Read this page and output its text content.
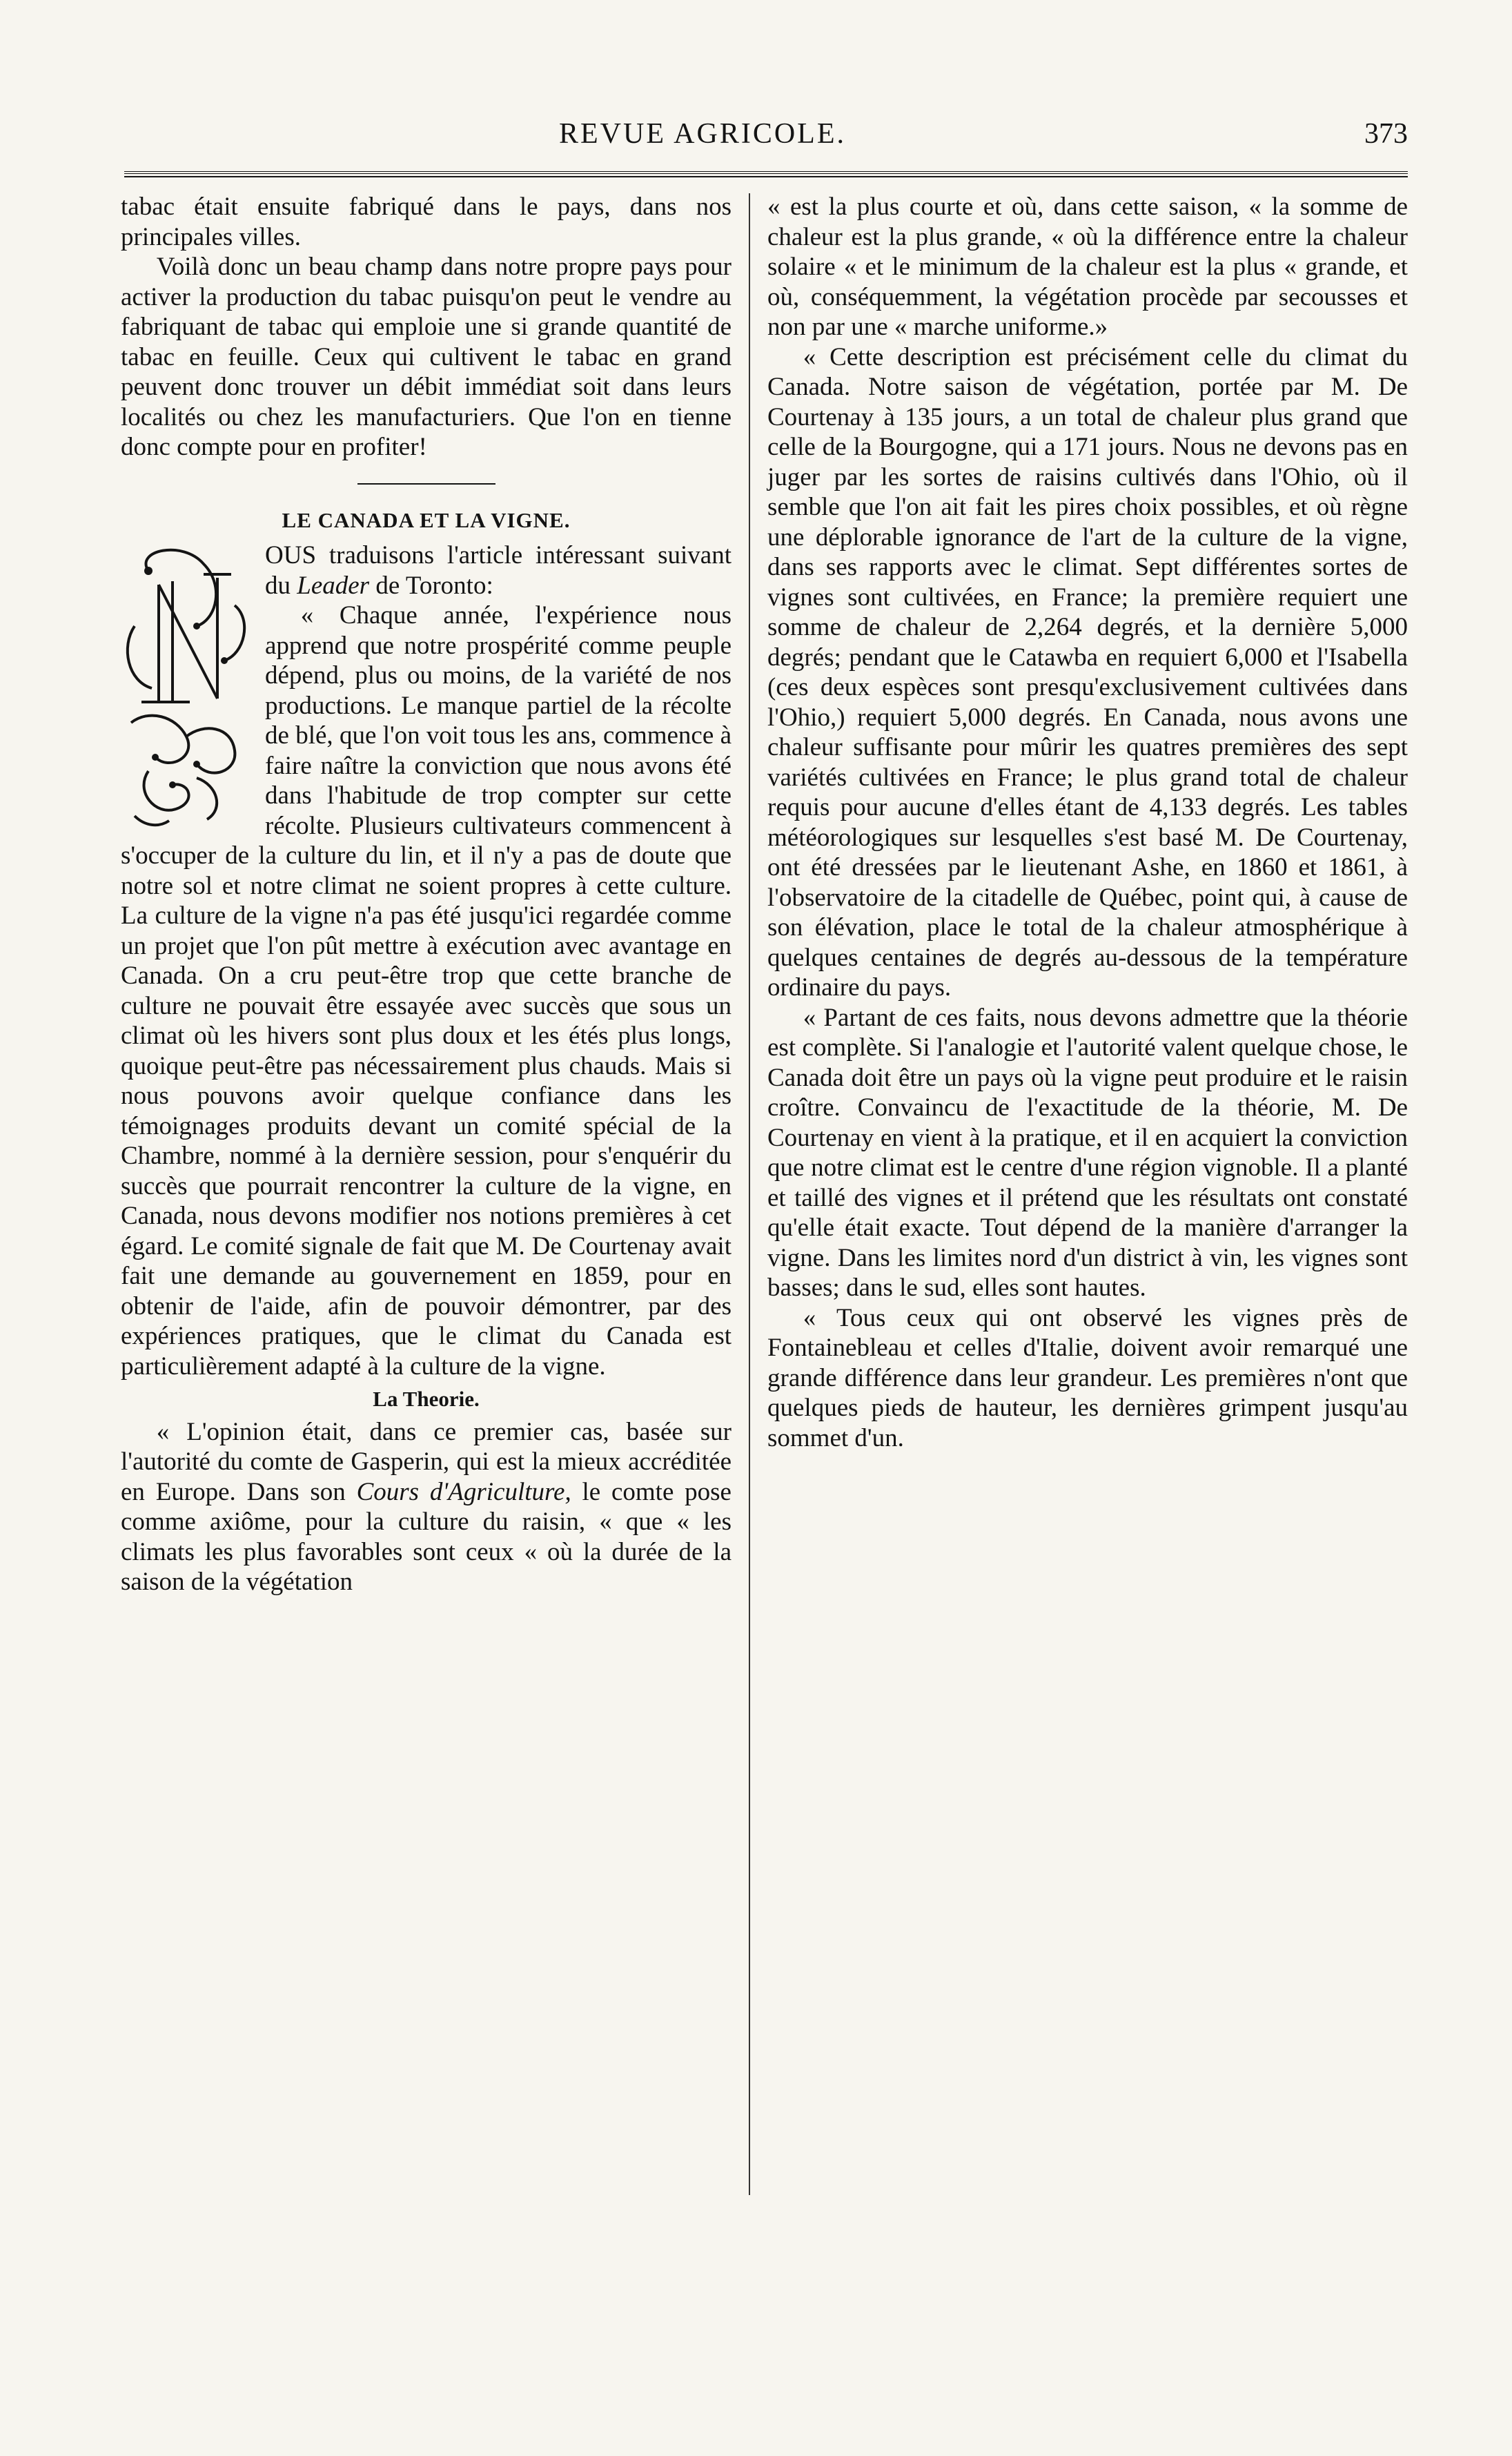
REVUE AGRICOLE.	373

tabac était ensuite fabriqué dans le pays, dans nos principales villes.

Voilà donc un beau champ dans notre propre pays pour activer la production du tabac puisqu'on peut le vendre au fabriquant de tabac qui emploie une si grande quantité de tabac en feuille. Ceux qui cultivent le tabac en grand peuvent donc trouver un débit immédiat soit dans leurs localités ou chez les manufacturiers. Que l'on en tienne donc compte pour en profiter!

LE CANADA ET LA VIGNE.

OUS traduisons l'article intéressant suivant du Leader de Toronto:

« Chaque année, l'expérience nous apprend que notre prospérité comme peuple dépend, plus ou moins, de la variété de nos productions. Le manque partiel de la récolte de blé, que l'on voit tous les ans, commence à faire naître la conviction que nous avons été dans l'habitude de trop compter sur cette récolte. Plusieurs cultivateurs commencent à s'occuper de la culture du lin, et il n'y a pas de doute que notre sol et notre climat ne soient propres à cette culture. La culture de la vigne n'a pas été jusqu'ici regardée comme un projet que l'on pût mettre à exécution avec avantage en Canada. On a cru peut-être trop que cette branche de culture ne pouvait être essayée avec succès que sous un climat où les hivers sont plus doux et les étés plus longs, quoique peut-être pas nécessairement plus chauds. Mais si nous pouvons avoir quelque confiance dans les témoignages produits devant un comité spécial de la Chambre, nommé à la dernière session, pour s'enquérir du succès que pourrait rencontrer la culture de la vigne, en Canada, nous devons modifier nos notions premières à cet égard. Le comité signale de fait que M. De Courtenay avait fait une demande au gouvernement en 1859, pour en obtenir de l'aide, afin de pouvoir démontrer, par des expériences pratiques, que le climat du Canada est particulièrement adapté à la culture de la vigne.

La Theorie.

« L'opinion était, dans ce premier cas, basée sur l'autorité du comte de Gasperin, qui est la mieux accréditée en Europe. Dans son Cours d'Agriculture, le comte pose comme axiôme, pour la culture du raisin, « que « les climats les plus favorables sont ceux « où la durée de la saison de la végétation

« est la plus courte et où, dans cette saison, « la somme de chaleur est la plus grande, « où la différence entre la chaleur solaire « et le minimum de la chaleur est la plus « grande, et où, conséquemment, la végétation procède par secousses et non par une « marche uniforme.»

« Cette description est précisément celle du climat du Canada. Notre saison de végétation, portée par M. De Courtenay à 135 jours, a un total de chaleur plus grand que celle de la Bourgogne, qui a 171 jours. Nous ne devons pas en juger par les sortes de raisins cultivés dans l'Ohio, où il semble que l'on ait fait les pires choix possibles, et où règne une déplorable ignorance de l'art de la culture de la vigne, dans ses rapports avec le climat. Sept différentes sortes de vignes sont cultivées, en France; la première requiert une somme de chaleur de 2,264 degrés, et la dernière 5,000 degrés; pendant que le Catawba en requiert 6,000 et l'Isabella (ces deux espèces sont presqu'exclusivement cultivées dans l'Ohio,) requiert 5,000 degrés. En Canada, nous avons une chaleur suffisante pour mûrir les quatres premières des sept variétés cultivées en France; le plus grand total de chaleur requis pour aucune d'elles étant de 4,133 degrés. Les tables météorologiques sur lesquelles s'est basé M. De Courtenay, ont été dressées par le lieutenant Ashe, en 1860 et 1861, à l'observatoire de la citadelle de Québec, point qui, à cause de son élévation, place le total de la chaleur atmosphérique à quelques centaines de degrés au-dessous de la température ordinaire du pays.

« Partant de ces faits, nous devons admettre que la théorie est complète. Si l'analogie et l'autorité valent quelque chose, le Canada doit être un pays où la vigne peut produire et le raisin croître. Convaincu de l'exactitude de la théorie, M. De Courtenay en vient à la pratique, et il en acquiert la conviction que notre climat est le centre d'une région vignoble. Il a planté et taillé des vignes et il prétend que les résultats ont constaté qu'elle était exacte. Tout dépend de la manière d'arranger la vigne. Dans les limites nord d'un district à vin, les vignes sont basses; dans le sud, elles sont hautes.

« Tous ceux qui ont observé les vignes près de Fontainebleau et celles d'Italie, doivent avoir remarqué une grande différence dans leur grandeur. Les premières n'ont que quelques pieds de hauteur, les dernières grimpent jusqu'au sommet d'un.
